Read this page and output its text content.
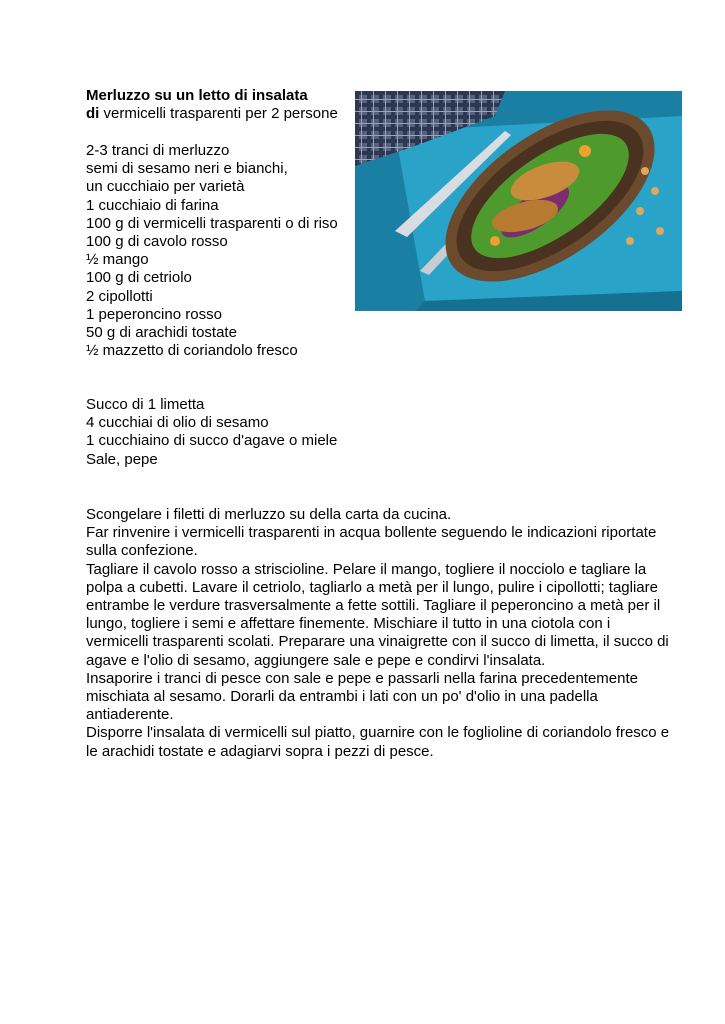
Merluzzo su un letto di insalata
di vermicelli trasparenti per 2 persone
2-3 tranci di merluzzo
semi di sesamo neri e bianchi,
un cucchiaio per varietà
1 cucchiaio di farina
100 g di vermicelli trasparenti o di riso
100 g di cavolo rosso
½ mango
100 g di cetriolo
2 cipollotti
1 peperoncino rosso
50 g di arachidi tostate
½ mazzetto di coriandolo fresco
Succo di 1 limetta
4 cucchiai di olio di sesamo
1 cucchiaino di succo d'agave o miele
Sale, pepe

Scongelare i filetti di merluzzo su della carta da cucina.

Far rinvenire i vermicelli trasparenti in acqua bollente seguendo le indicazioni riportate sulla confezione.

Tagliare il cavolo rosso a striscioline. Pelare il mango, togliere il nocciolo e tagliare la polpa a cubetti. Lavare il cetriolo, tagliarlo a metà per il lungo, pulire i cipollotti; tagliare entrambe le verdure trasversalmente a fette sottili. Tagliare il peperoncino a metà per il lungo, togliere i semi e affettare finemente. Mischiare il tutto in una ciotola con i vermicelli trasparenti scolati. Preparare una vinaigrette con il succo di limetta, il succo di agave e l'olio di sesamo, aggiungere sale e pepe e condirvi l'insalata.

Insaporire i tranci di pesce con sale e pepe e passarli nella farina precedentemente mischiata al sesamo. Dorarli da entrambi i lati con un po' d'olio in una padella antiaderente.

Disporre l'insalata di vermicelli sul piatto, guarnire con le foglioline di coriandolo fresco e le arachidi tostate e adagiarvi sopra i pezzi di pesce.
